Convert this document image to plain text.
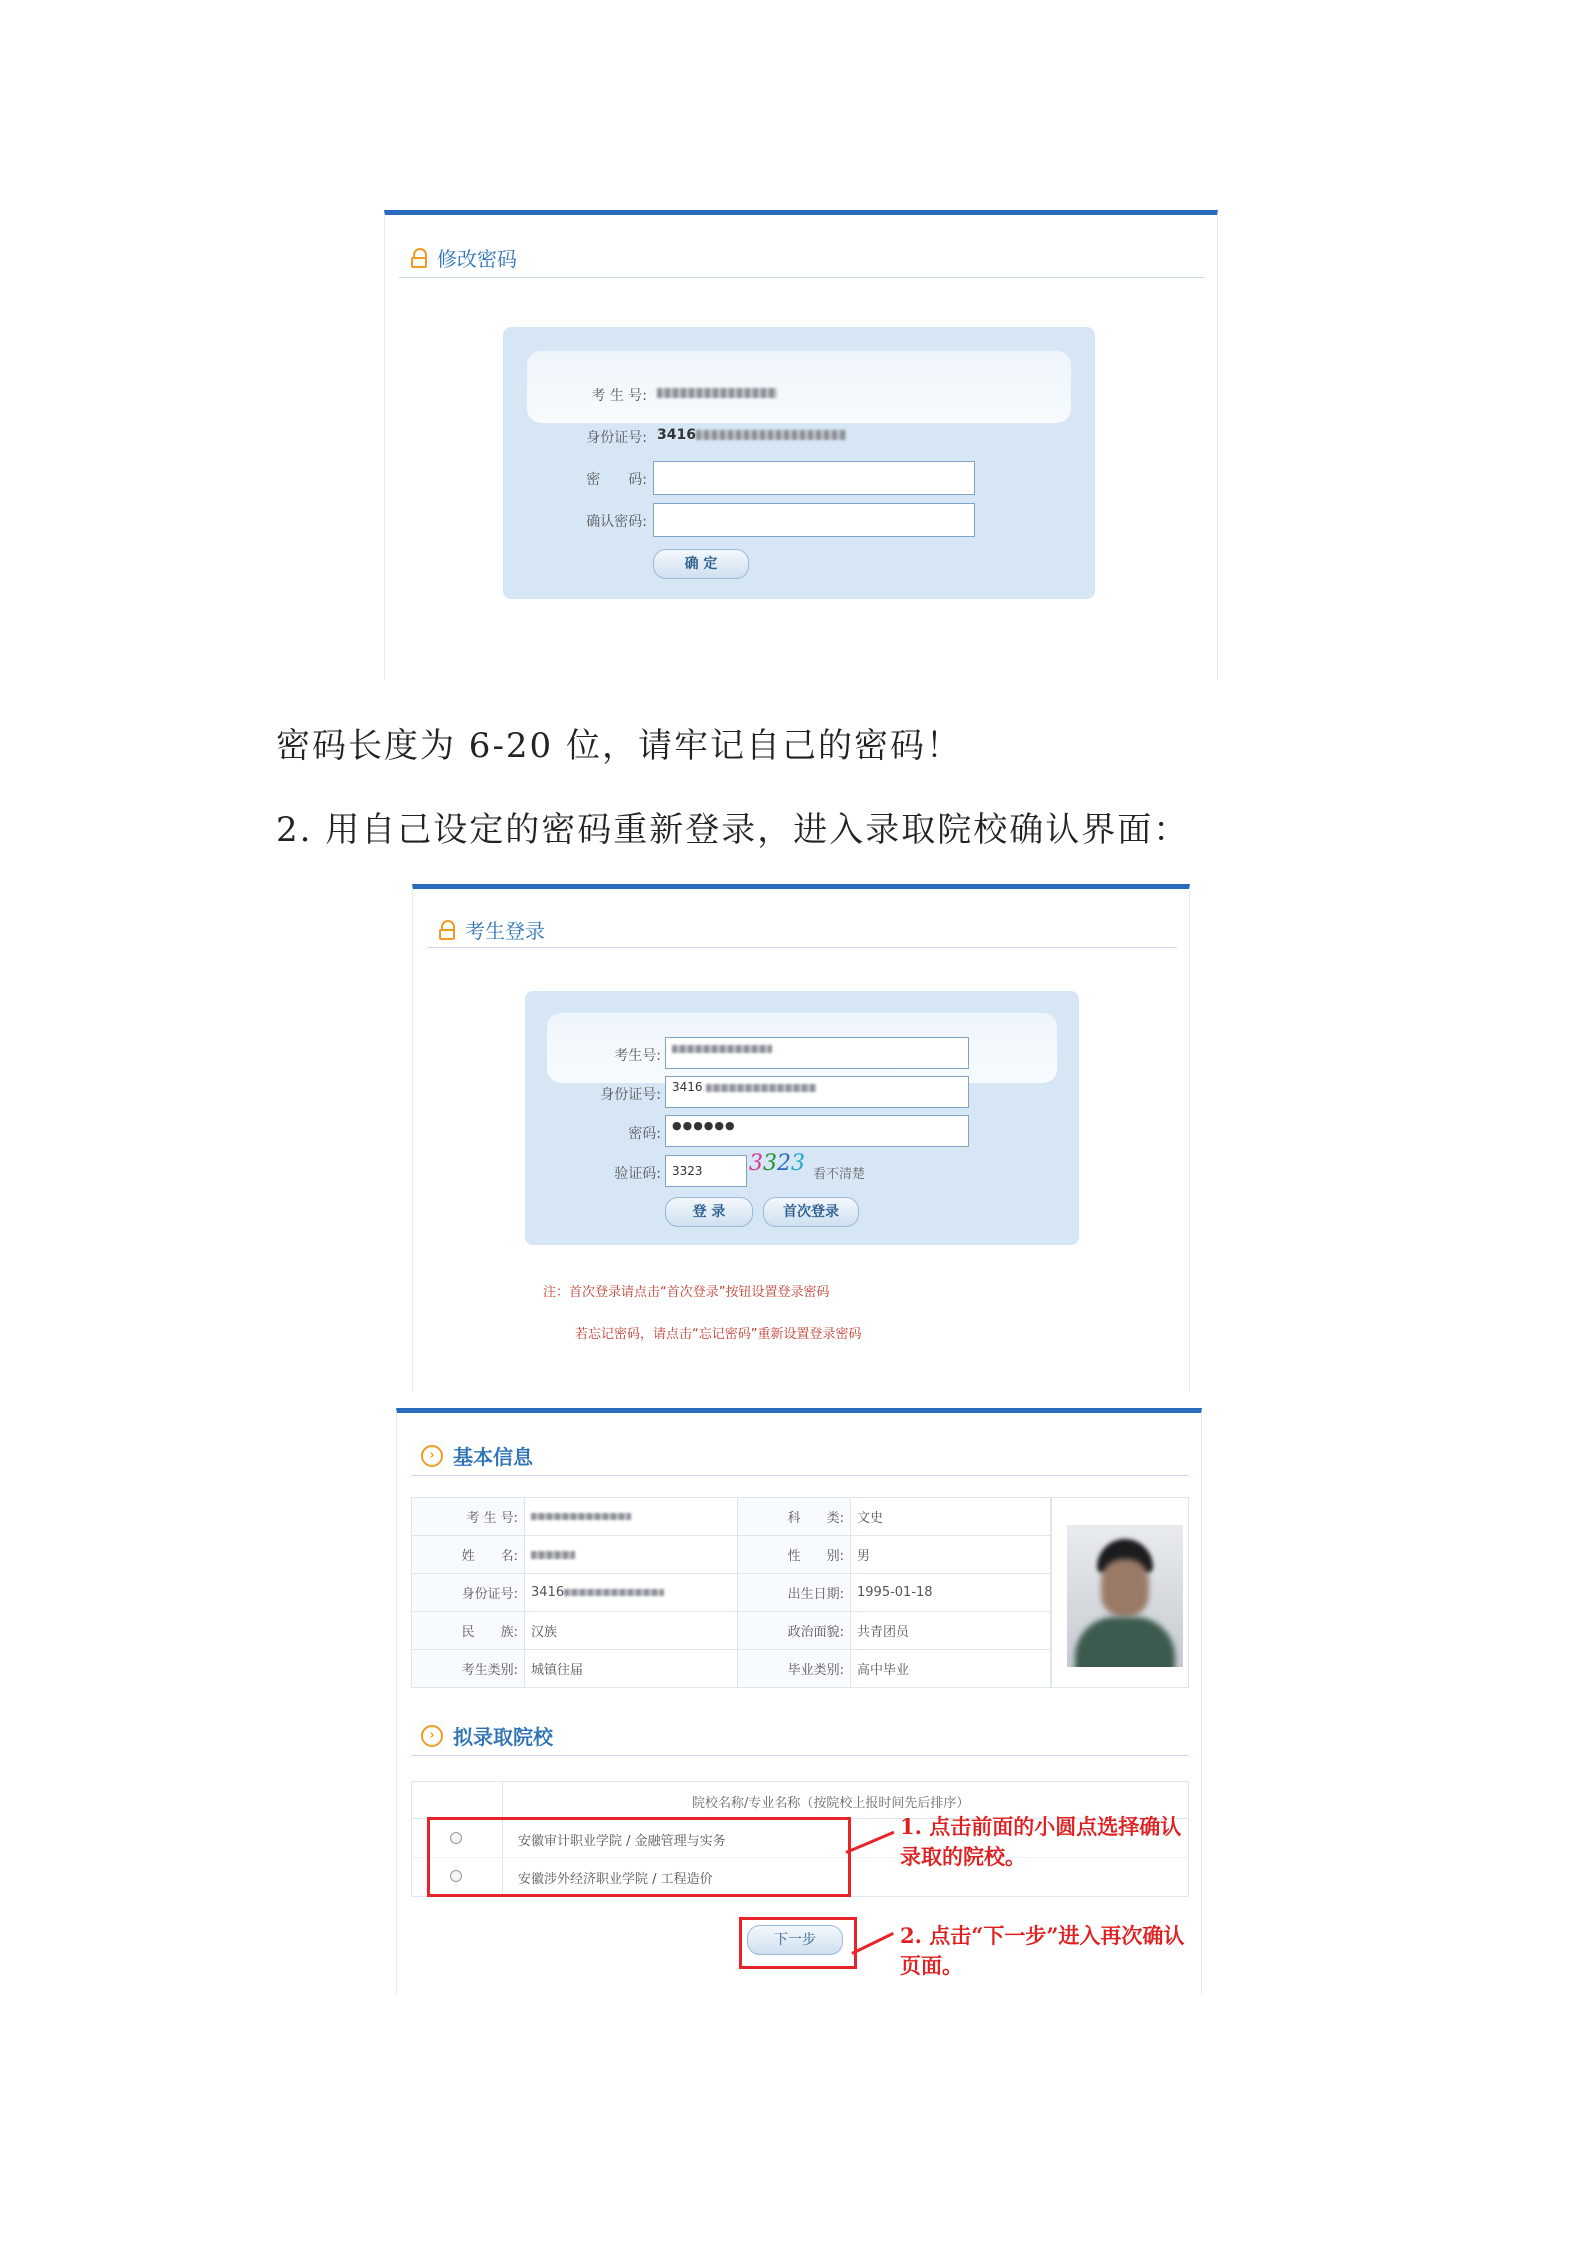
修改密码
考 生 号:
身份证号: 3416
密　　码:
确认密码:
确 定
密码长度为 6-20 位，请牢记自己的密码！
2. 用自己设定的密码重新登录，进入录取院校确认界面：
考生登录
考生号:
身份证号: 3416
密码:
●●●●●●
验证码: 3323	3323 看不清楚
登 录	首次登录
注：首次登录请点击“首次登录”按钮设置登录密码
若忘记密码，请点击“忘记密码”重新设置登录密码
› 基本信息
考 生 号:		科　　类:	文史
姓　　名:		性　　别:	男
身份证号:	3416	出生日期:	1995-01-18
民　　族:	汉族	政治面貌:	共青团员
考生类别:	城镇往届	毕业类别:	高中毕业
› 拟录取院校
院校名称/专业名称（按院校上报时间先后排序）
安徽审计职业学院 / 金融管理与实务
安徽涉外经济职业学院 / 工程造价
下一步
1. 点击前面的小圆点选择确认录取的院校。
2. 点击“下一步”进入再次确认页面。
